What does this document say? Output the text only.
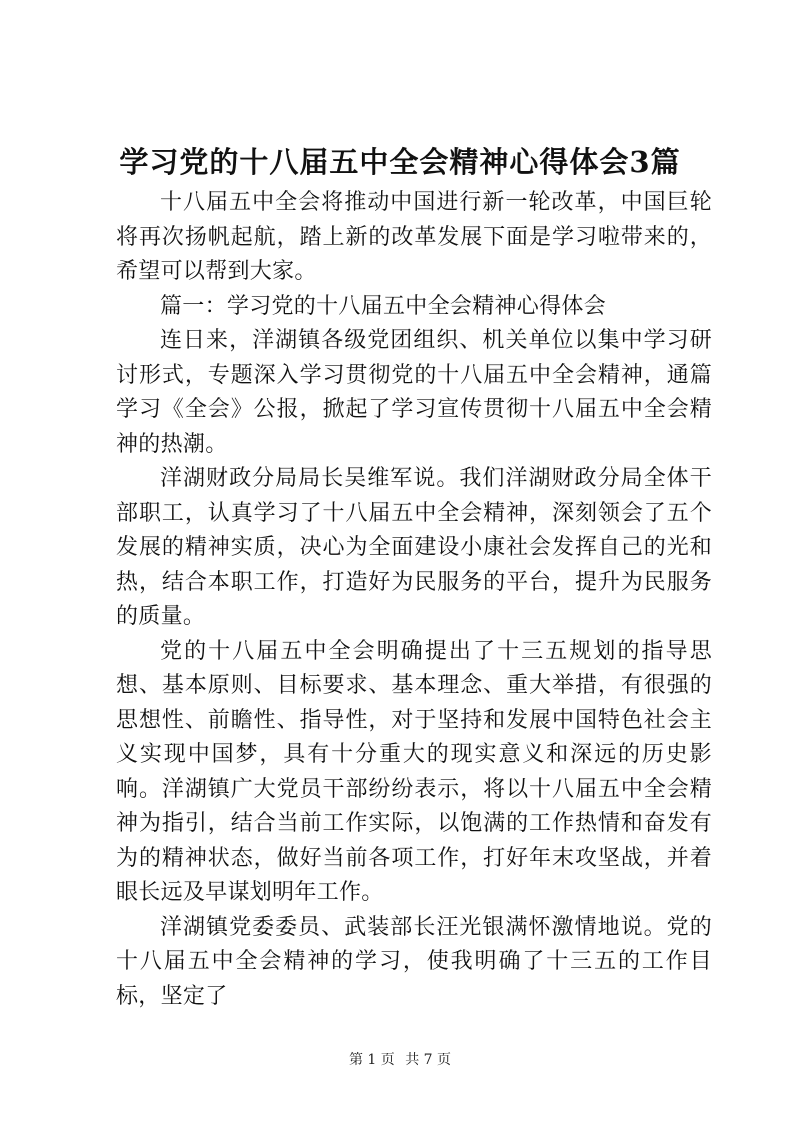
学习党的十八届五中全会精神心得体会3篇

十八届五中全会将推动中国进行新一轮改革，中国巨轮将再次扬帆起航，踏上新的改革发展下面是学习啦带来的，希望可以帮到大家。

篇一：学习党的十八届五中全会精神心得体会

连日来，洋湖镇各级党团组织、机关单位以集中学习研讨形式，专题深入学习贯彻党的十八届五中全会精神，通篇学习《全会》公报，掀起了学习宣传贯彻十八届五中全会精神的热潮。

洋湖财政分局局长吴维军说。我们洋湖财政分局全体干部职工，认真学习了十八届五中全会精神，深刻领会了五个发展的精神实质，决心为全面建设小康社会发挥自己的光和热，结合本职工作，打造好为民服务的平台，提升为民服务的质量。

党的十八届五中全会明确提出了十三五规划的指导思想、基本原则、目标要求、基本理念、重大举措，有很强的思想性、前瞻性、指导性，对于坚持和发展中国特色社会主义实现中国梦，具有十分重大的现实意义和深远的历史影响。洋湖镇广大党员干部纷纷表示，将以十八届五中全会精神为指引，结合当前工作实际，以饱满的工作热情和奋发有为的精神状态，做好当前各项工作，打好年末攻坚战，并着眼长远及早谋划明年工作。

洋湖镇党委委员、武装部长汪光银满怀激情地说。党的十八届五中全会精神的学习，使我明确了十三五的工作目标，坚定了

第 1 页 共 7 页
